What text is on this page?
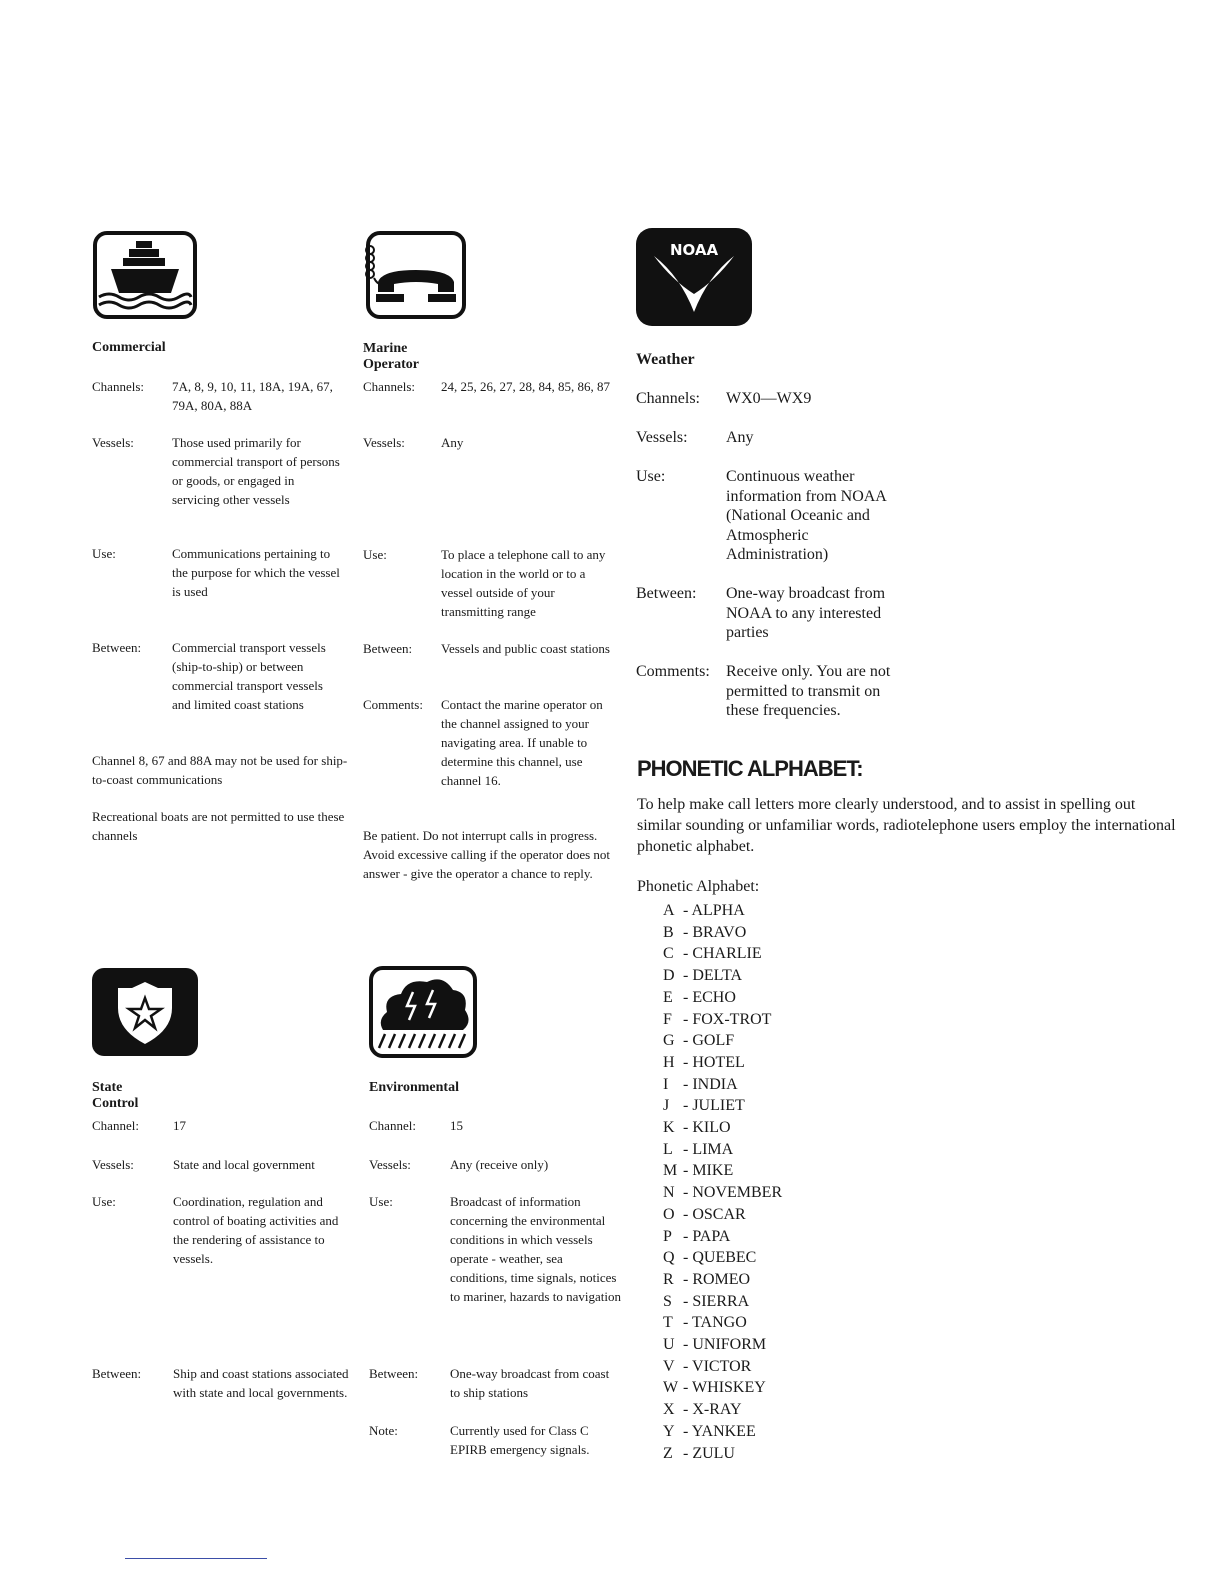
Commercial
Channels:	7A, 8, 9, 10, 11, 18A, 19A, 67, 79A, 80A, 88A
Vessels:	Those used primarily for commercial transport of persons or goods, or engaged in servicing other vessels
Use:	Communications pertaining to the purpose for which the vessel is used
Between:	Commercial transport vessels (ship-to-ship) or between commercial transport vessels and limited coast stations
Channel 8, 67 and 88A may not be used for ship-to-coast communications
Recreational boats are not permitted to use these channels
Marine Operator
Channels:	24, 25, 26, 27, 28, 84, 85, 86, 87
Vessels:	Any
Use:	To place a telephone call to any location in the world or to a vessel outside of your transmitting range
Between:	Vessels and public coast stations
Comments:	Contact the marine operator on the channel assigned to your navigating area. If unable to determine this channel, use channel 16.
Be patient. Do not interrupt calls in progress. Avoid excessive calling if the operator does not answer - give the operator a chance to reply.
NOAA
Weather
Channels:	WX0—WX9
Vessels:	Any
Use:	Continuous weather information from NOAA (National Oceanic and Atmospheric Administration)
Between:	One-way broadcast from NOAA to any interested parties
Comments:	Receive only. You are not permitted to transmit on these frequencies.
State Control
Channel:	17
Vessels:	State and local government
Use:	Coordination, regulation and control of boating activities and the rendering of assistance to vessels.
Between:	Ship and coast stations associated with state and local governments.
Environmental
Channel:	15
Vessels:	Any (receive only)
Use:	Broadcast of information concerning the environmental conditions in which vessels operate - weather, sea conditions, time signals, notices to mariner, hazards to navigation
Between:	One-way broadcast from coast to ship stations
Note:	Currently used for Class C EPIRB emergency signals.
PHONETIC ALPHABET:
To help make call letters more clearly understood, and to assist in spelling out similar sounding or unfamiliar words, radiotelephone users employ the international phonetic alphabet.
Phonetic Alphabet:
A - ALPHA
B - BRAVO
C - CHARLIE
D - DELTA
E - ECHO
F - FOX-TROT
G - GOLF
H - HOTEL
I - INDIA
J - JULIET
K - KILO
L - LIMA
M - MIKE
N - NOVEMBER
O - OSCAR
P - PAPA
Q - QUEBEC
R - ROMEO
S - SIERRA
T - TANGO
U - UNIFORM
V - VICTOR
W - WHISKEY
X - X-RAY
Y - YANKEE
Z - ZULU
